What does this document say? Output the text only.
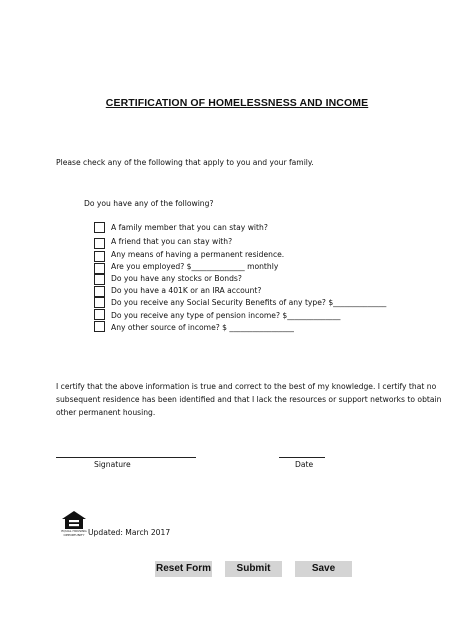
CERTIFICATION OF HOMELESSNESS AND INCOME
Please check any of the following that apply to you and your family.
Do you have any of the following?
A family member that you can stay with?
A friend that you can stay with?
Any means of having a permanent residence.
Are you employed? $______________ monthly
Do you have any stocks or Bonds?
Do you have a 401K or an IRA account?
Do you receive any Social Security Benefits of any type? $______________
Do you receive any type of pension income? $______________
Any other source of income? $ _________________
I certify that the above information is true and correct to the best of my knowledge. I certify that no
subsequent residence has been identified and that I lack the resources or support networks to obtain
other permanent housing.
Signature	Date
EQUAL HOUSING OPPORTUNITY Updated: March 2017
Reset Form	Submit	Save
